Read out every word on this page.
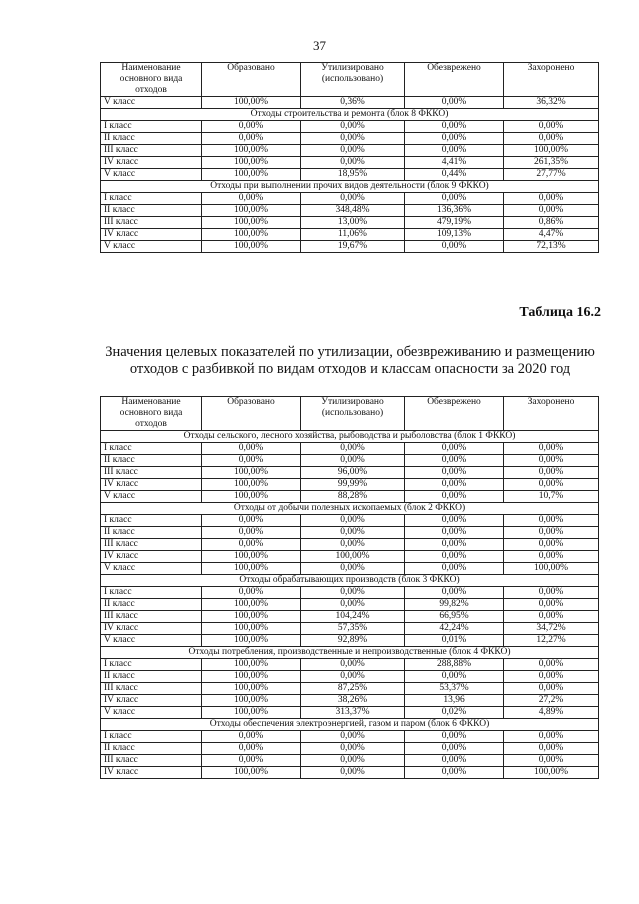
37
Наименование основного вида отходов	Образовано	Утилизировано (использовано)	Обезврежено	Захоронено
V класс	100,00%	0,36%	0,00%	36,32%
Отходы строительства и ремонта (блок 8 ФККО)				
I класс	0,00%	0,00%	0,00%	0,00%
II класс	0,00%	0,00%	0,00%	0,00%
III класс	100,00%	0,00%	0,00%	100,00%
IV класс	100,00%	0,00%	4,41%	261,35%
V класс	100,00%	18,95%	0,44%	27,77%
Отходы при выполнении прочих видов деятельности (блок 9 ФККО)				
I класс	0,00%	0,00%	0,00%	0,00%
II класс	100,00%	348,48%	136,36%	0,00%
III класс	100,00%	13,00%	479,19%	0,86%
IV класс	100,00%	11,06%	109,13%	4,47%
V класс	100,00%	19,67%	0,00%	72,13%
Таблица 16.2
Значения целевых показателей по утилизации, обезвреживанию и размещению отходов с разбивкой по видам отходов и классам опасности за 2020 год
Наименование основного вида отходов	Образовано	Утилизировано (использовано)	Обезврежено	Захоронено
Отходы сельского, лесного хозяйства, рыбоводства и рыболовства (блок 1 ФККО)				
I класс	0,00%	0,00%	0,00%	0,00%
II класс	0,00%	0,00%	0,00%	0,00%
III класс	100,00%	96,00%	0,00%	0,00%
IV класс	100,00%	99,99%	0,00%	0,00%
V класс	100,00%	88,28%	0,00%	10,7%
Отходы от добычи полезных ископаемых (блок 2 ФККО)				
I класс	0,00%	0,00%	0,00%	0,00%
II класс	0,00%	0,00%	0,00%	0,00%
III класс	0,00%	0,00%	0,00%	0,00%
IV класс	100,00%	100,00%	0,00%	0,00%
V класс	100,00%	0,00%	0,00%	100,00%
Отходы обрабатывающих производств (блок 3 ФККО)				
I класс	0,00%	0,00%	0,00%	0,00%
II класс	100,00%	0,00%	99,82%	0,00%
III класс	100,00%	104,24%	66,95%	0,00%
IV класс	100,00%	57,35%	42,24%	34,72%
V класс	100,00%	92,89%	0,01%	12,27%
Отходы потребления, производственные и непроизводственные (блок 4 ФККО)				
I класс	100,00%	0,00%	288,88%	0,00%
II класс	100,00%	0,00%	0,00%	0,00%
III класс	100,00%	87,25%	53,37%	0,00%
IV класс	100,00%	38,26%	13,96	27,2%
V класс	100,00%	313,37%	0,02%	4,89%
Отходы обеспечения электроэнергией, газом и паром (блок 6 ФККО)				
I класс	0,00%	0,00%	0,00%	0,00%
II класс	0,00%	0,00%	0,00%	0,00%
III класс	0,00%	0,00%	0,00%	0,00%
IV класс	100,00%	0,00%	0,00%	100,00%
